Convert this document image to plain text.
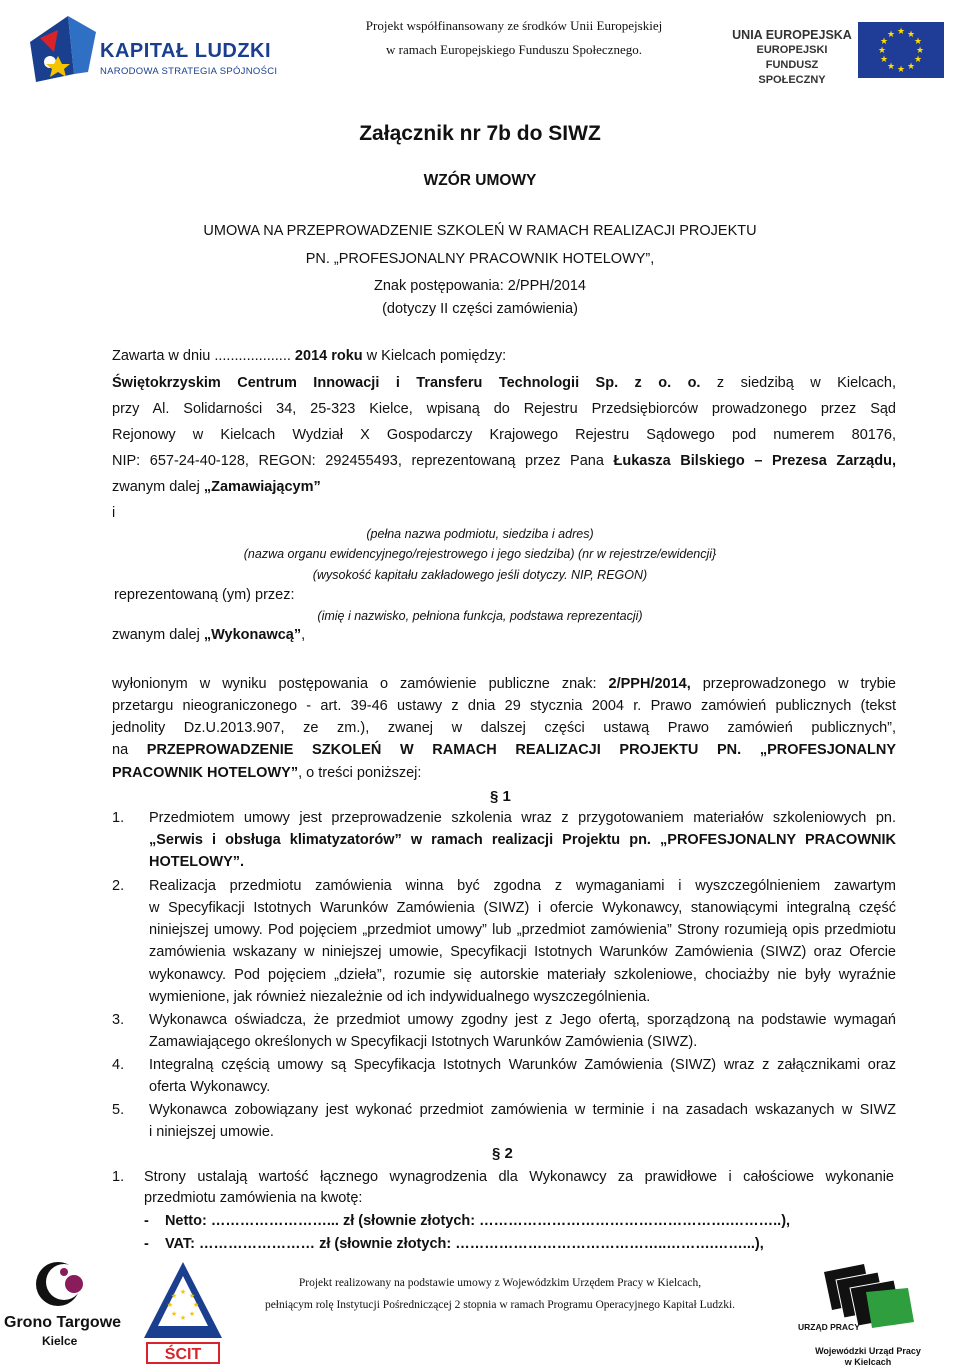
KAPITAŁ LUDZKI
NARODOWA STRATEGIA SPÓJNOŚCI
Projekt współfinansowany ze środków Unii Europejskiej
w ramach Europejskiego Funduszu Społecznego.
UNIA EUROPEJSKA
EUROPEJSKI
FUNDUSZ SPOŁECZNY
★ ★
★
★
★
★
★
★
★
★
★
★
Załącznik nr 7b do SIWZ
WZÓR UMOWY
UMOWA NA PRZEPROWADZENIE SZKOLEŃ W RAMACH REALIZACJI PROJEKTU
PN. „PROFESJONALNY PRACOWNIK HOTELOWY”,
Znak postępowania: 2/PPH/2014
(dotyczy II części zamówienia)
Zawarta w dniu ................... 2014 roku w Kielcach pomiędzy:
Świętokrzyskim Centrum Innowacji i Transferu Technologii Sp. z o. o. z siedzibą w Kielcach,
przy Al. Solidarności 34, 25-323 Kielce, wpisaną do Rejestru Przedsiębiorców prowadzonego przez Sąd
Rejonowy w Kielcach Wydział X Gospodarczy Krajowego Rejestru Sądowego pod numerem 80176,
NIP: 657-24-40-128, REGON: 292455493, reprezentowaną przez Pana Łukasza Bilskiego – Prezesa Zarządu,
zwanym dalej „Zamawiającym”
i
(pełna nazwa podmiotu, siedziba i adres)
(nazwa organu ewidencyjnego/rejestrowego i jego siedziba) (nr w rejestrze/ewidencji}
(wysokość kapitału zakładowego jeśli dotyczy. NIP, REGON)
reprezentowaną (ym) przez:
(imię i nazwisko, pełniona funkcja, podstawa reprezentacji)
zwanym dalej „Wykonawcą”,
wyłonionym w wyniku postępowania o zamówienie publiczne znak: 2/PPH/2014, przeprowadzonego w trybie
przetargu nieograniczonego - art. 39-46 ustawy z dnia 29 stycznia 2004 r. Prawo zamówień publicznych (tekst
jednolity Dz.U.2013.907, ze zm.), zwanej w dalszej części ustawą Prawo zamówień publicznych”,
na PRZEPROWADZENIE SZKOLEŃ W RAMACH REALIZACJI PROJEKTU PN. „PROFESJONALNY
PRACOWNIK HOTELOWY”, o treści poniższej:
§ 1
1. Przedmiotem umowy jest przeprowadzenie szkolenia wraz z przygotowaniem materiałów szkoleniowych pn.
„Serwis i obsługa klimatyzatorów” w ramach realizacji Projektu pn. „PROFESJONALNY PRACOWNIK
HOTELOWY”.
2. Realizacja przedmiotu zamówienia winna być zgodna z wymaganiami i wyszczególnieniem zawartym
w Specyfikacji Istotnych Warunków Zamówienia (SIWZ) i ofercie Wykonawcy, stanowiącymi integralną część
niniejszej umowy. Pod pojęciem „przedmiot umowy” lub „przedmiot zamówienia” Strony rozumieją opis przedmiotu
zamówienia wskazany w niniejszej umowie, Specyfikacji Istotnych Warunków Zamówienia (SIWZ) oraz Ofercie
wykonawcy. Pod pojęciem „dzieła”, rozumie się autorskie materiały szkoleniowe, chociażby nie były wyraźnie
wymienione, jak również niezależnie od ich indywidualnego wyszczególnienia.
3. Wykonawca oświadcza, że przedmiot umowy zgodny jest z Jego ofertą, sporządzoną na podstawie wymagań
Zamawiającego określonych w Specyfikacji Istotnych Warunków Zamówienia (SIWZ).
4. Integralną częścią umowy są Specyfikacja Istotnych Warunków Zamówienia (SIWZ) wraz z załącznikami oraz
oferta Wykonawcy.
5. Wykonawca zobowiązany jest wykonać przedmiot zamówienia w terminie i na zasadach wskazanych w SIWZ
i niniejszej umowie.
§ 2
1. Strony ustalają wartość łącznego wynagrodzenia dla Wykonawcy za prawidłowe i całościowe wykonanie
przedmiotu zamówienia na kwotę:
-    Netto: ……………………... zł (słownie złotych: …………………………………………….………..),
-    VAT: …………………… zł (słownie złotych: ……………………………………..……….……...),
Grono Targowe
Kielce
★ ★
★
★
★
★
★
★
ŚCIT
Projekt realizowany na podstawie umowy z Wojewódzkim Urzędem Pracy w Kielcach,
pełniącym rolę Instytucji Pośredniczącej 2 stopnia w ramach Programu Operacyjnego Kapitał Ludzki.
URZĄD PRACY
Wojewódzki Urząd Pracy
w Kielcach
